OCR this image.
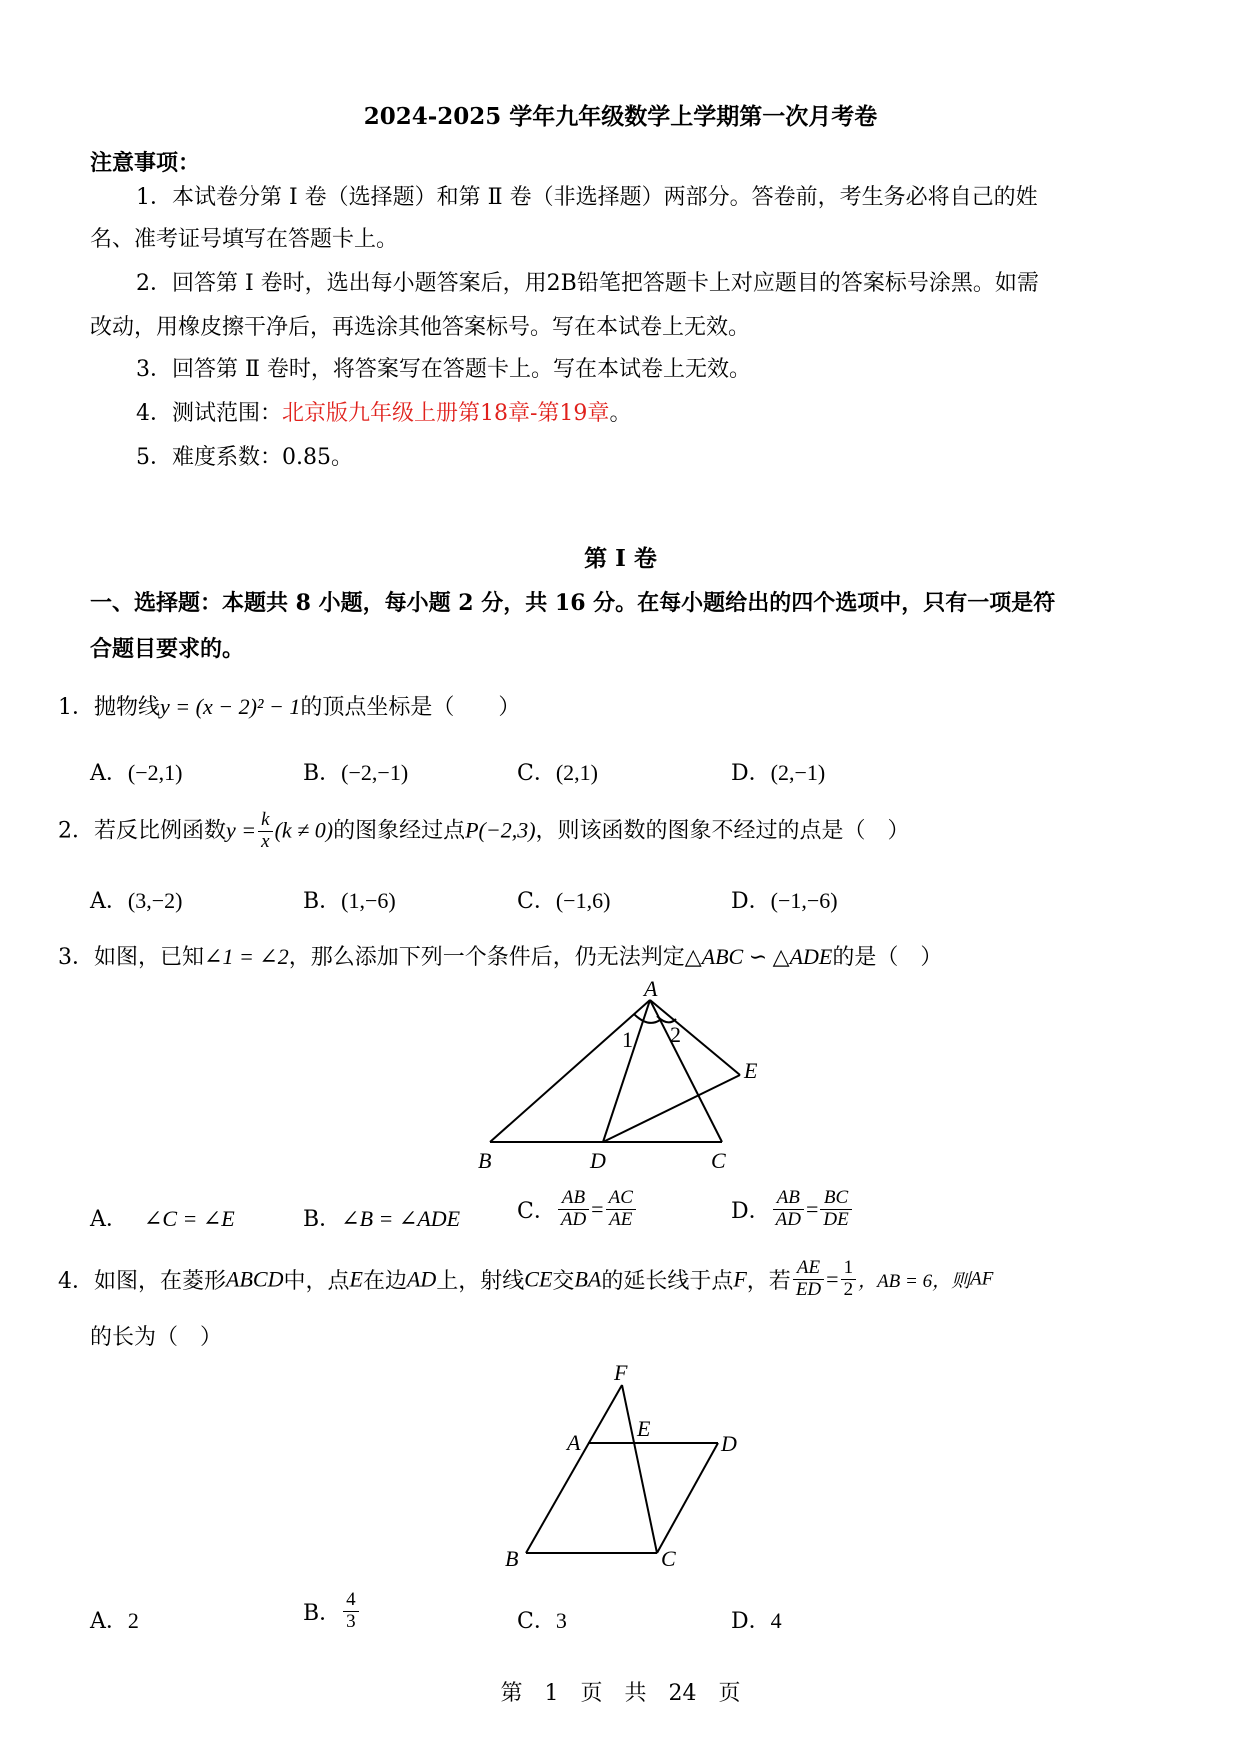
2024-2025 学年九年级数学上学期第一次月考卷
注意事项：
1．本试卷分第 Ⅰ 卷（选择题）和第 Ⅱ 卷（非选择题）两部分。答卷前，考生务必将自己的姓
名、准考证号填写在答题卡上。
2．回答第 Ⅰ 卷时，选出每小题答案后，用2B铅笔把答题卡上对应题目的答案标号涂黑。如需
改动，用橡皮擦干净后，再选涂其他答案标号。写在本试卷上无效。
3．回答第 Ⅱ 卷时，将答案写在答题卡上。写在本试卷上无效。
4．测试范围：北京版九年级上册第18章-第19章。
5．难度系数：0.85。
第 Ⅰ 卷
一、选择题：本题共 8 小题，每小题 2 分，共 16 分。在每小题给出的四个选项中，只有一项是符
合题目要求的。
1．抛物线y = (x − 2)² − 1的顶点坐标是（　　）
A．(−2,1)	B．(−2,−1)	C．(2,1)	D．(2,−1)
2．若反比例函数$y = \frac{k}{x} (k \ne 0)$的图象经过点P(−2,3)，则该函数的图象不经过的点是（　）
A．(3,−2)	B．(1,−6)	C．(−1,6)	D．(−1,−6)
3．如图，已知∠1 = ∠2，那么添加下列一个条件后，仍无法判定△ABC ∽ △ADE的是（　）
A
B	C
D
E
1 2
A． ∠C = ∠E	B．∠B = ∠ADE	C． $\frac{AB}{AD} = \frac{AC}{AE}$	D． $\frac{AB}{AD} = \frac{BC}{DE}$
4．如图，在菱形ABCD中，点E在边AD上，射线CE交BA的延长线于点F，若 $\frac{AE}{ED} = \frac{1}{2}$ ，AB = 6，则AF
的长为（　）
F
A
E
D
B	C
A．2	B． $\frac{4}{3}$	C．3	D．4
第　1　页　共　24　页
